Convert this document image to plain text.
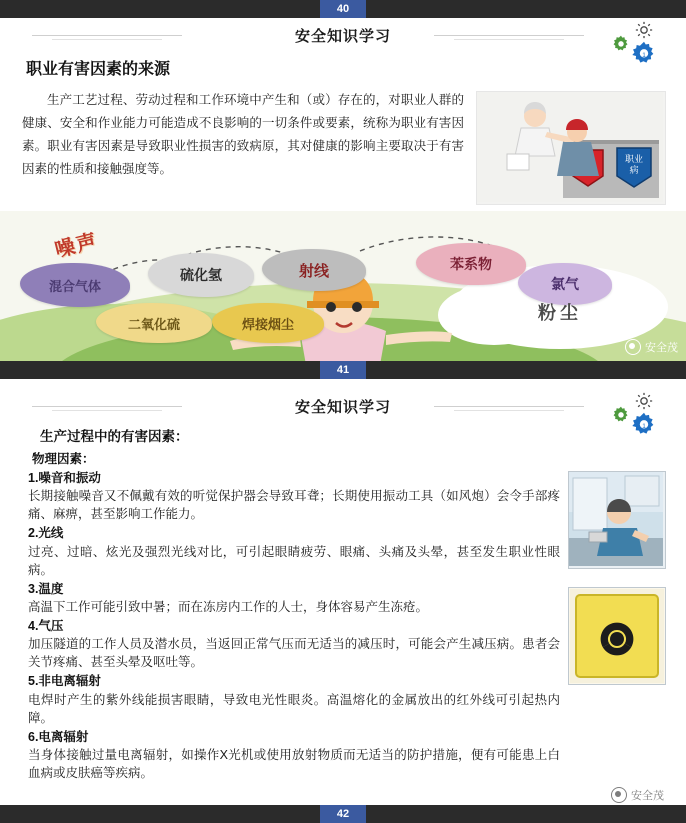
40
安全知识学习
1
职业有害因素的来源

生产工艺过程、劳动过程和工作环境中产生和（或）存在的，对职业人群的健康、安全和作业能力可能造成不良影响的一切条件或要素，统称为职业有害因素。职业有害因素是导致职业性损害的致病原，其对健康的影响主要取决于有害因素的性质和接触强度等。

职业
病
噪声
混合气体
硫化氢	射线	苯系物
氯气
粉尘
二氧化硫	焊接烟尘
安全茂
41
安全知识学习
1
生产过程中的有害因素：
物理因素：
1.噪音和振动
长期接触噪音又不佩戴有效的听觉保护器会导致耳聋；长期使用振动工具（如风炮）会令手部疼痛、麻痹，甚至影响工作能力。
2.光线
过亮、过暗、炫光及强烈光线对比，可引起眼睛疲劳、眼痛、头痛及头晕，甚至发生职业性眼病。
3.温度
高温下工作可能引致中暑；而在冻房内工作的人士，身体容易产生冻疮。
4.气压
加压隧道的工作人员及潜水员，当返回正常气压而无适当的减压时，可能会产生减压病。患者会关节疼痛、甚至头晕及呕吐等。
5.非电离辐射
电焊时产生的紫外线能损害眼睛，导致电光性眼炎。高温熔化的金属放出的红外线可引起热内障。
6.电离辐射
当身体接触过量电离辐射，如操作X光机或使用放射物质而无适当的防护措施，便有可能患上白血病或皮肤癌等疾病。
安全茂
42
